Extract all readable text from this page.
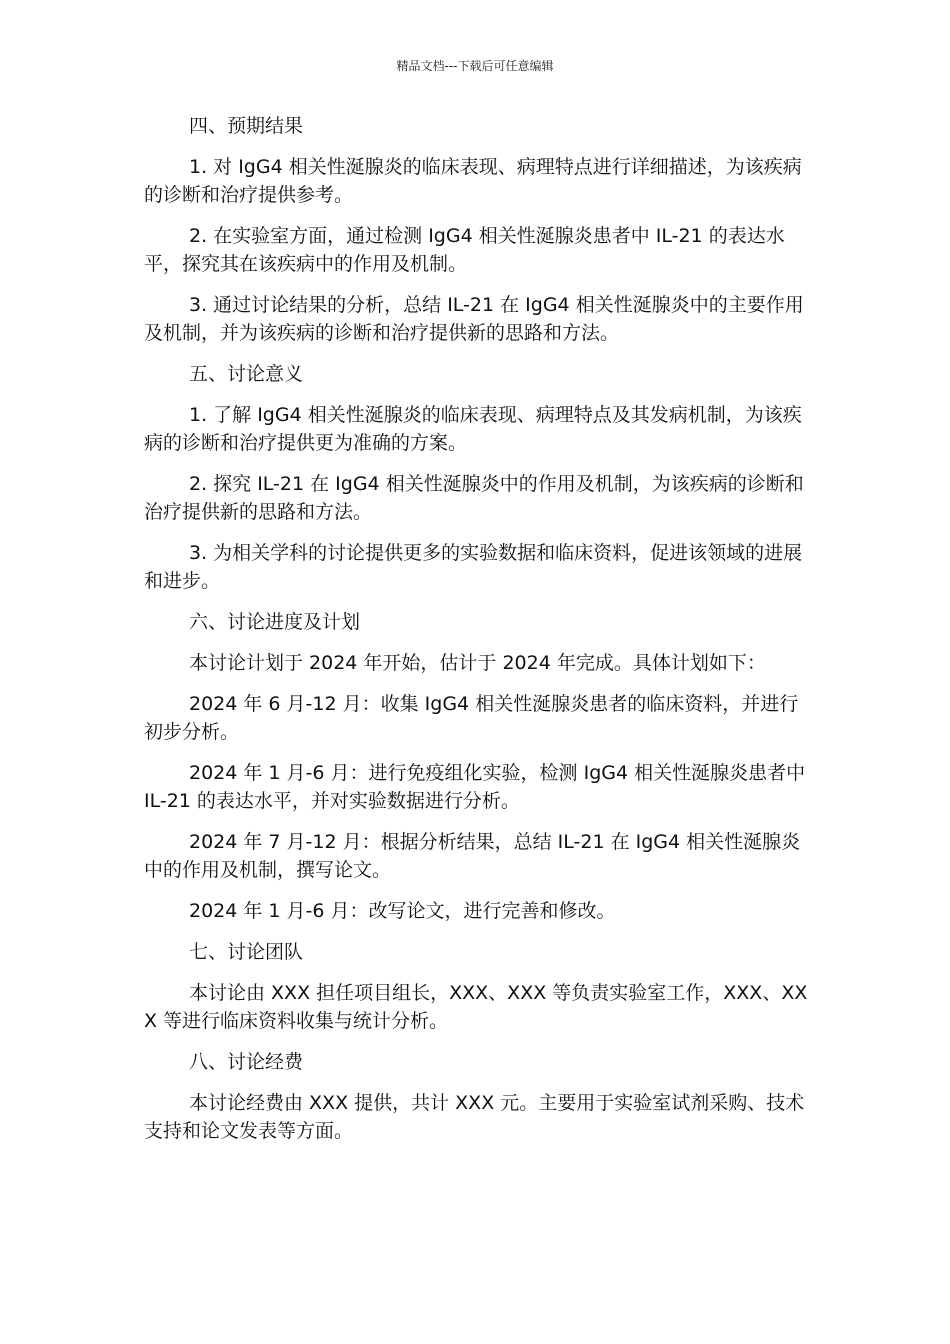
精品文档---下载后可任意编辑

四、预期结果

1. 对 IgG4 相关性涎腺炎的临床表现、病理特点进行详细描述，为该疾病的诊断和治疗提供参考。

2. 在实验室方面，通过检测 IgG4 相关性涎腺炎患者中 IL-21 的表达水平，探究其在该疾病中的作用及机制。

3. 通过讨论结果的分析，总结 IL-21 在 IgG4 相关性涎腺炎中的主要作用及机制，并为该疾病的诊断和治疗提供新的思路和方法。

五、讨论意义

1. 了解 IgG4 相关性涎腺炎的临床表现、病理特点及其发病机制，为该疾病的诊断和治疗提供更为准确的方案。

2. 探究 IL-21 在 IgG4 相关性涎腺炎中的作用及机制，为该疾病的诊断和治疗提供新的思路和方法。

3. 为相关学科的讨论提供更多的实验数据和临床资料，促进该领域的进展和进步。

六、讨论进度及计划

本讨论计划于 2024 年开始，估计于 2024 年完成。具体计划如下：

2024 年 6 月-12 月：收集 IgG4 相关性涎腺炎患者的临床资料，并进行初步分析。

2024 年 1 月-6 月：进行免疫组化实验，检测 IgG4 相关性涎腺炎患者中 IL-21 的表达水平，并对实验数据进行分析。

2024 年 7 月-12 月：根据分析结果，总结 IL-21 在 IgG4 相关性涎腺炎中的作用及机制，撰写论文。

2024 年 1 月-6 月：改写论文，进行完善和修改。

七、讨论团队

本讨论由 XXX 担任项目组长，XXX、XXX 等负责实验室工作，XXX、XXX 等进行临床资料收集与统计分析。

八、讨论经费

本讨论经费由 XXX 提供，共计 XXX 元。主要用于实验室试剂采购、技术支持和论文发表等方面。
